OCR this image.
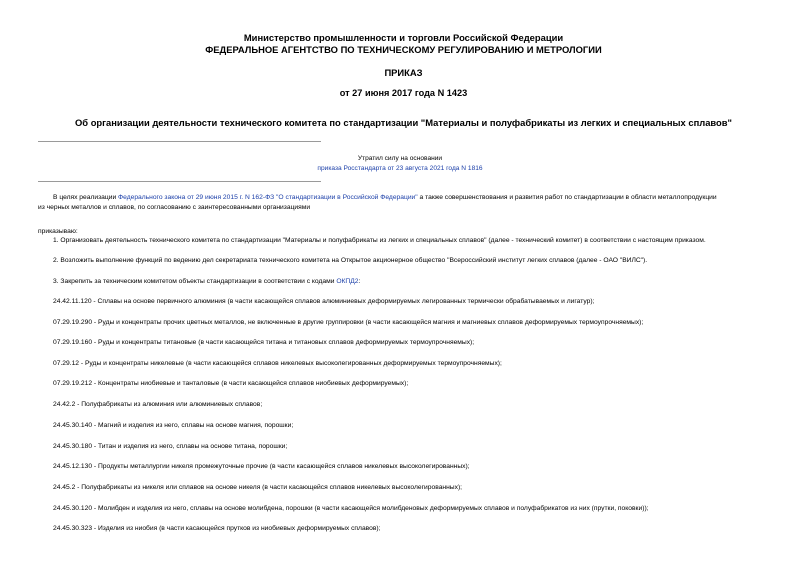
Министерство промышленности и торговли Российской Федерации
ФЕДЕРАЛЬНОЕ АГЕНТСТВО ПО ТЕХНИЧЕСКОМУ РЕГУЛИРОВАНИЮ И МЕТРОЛОГИИ
ПРИКАЗ
от 27 июня 2017 года N 1423
Об организации деятельности технического комитета по стандартизации "Материалы и полуфабрикаты из легких и специальных сплавов"
Утратил силу на основании
приказа Росстандарта от 23 августа 2021 года N 1816
В целях реализации Федерального закона от 29 июня 2015 г. N 162-ФЗ "О стандартизации в Российской Федерации" а также совершенствования и развития работ по стандартизации в области металлопродукции
из черных металлов и сплавов, по согласованию с заинтересованными организациями
приказываю:
1. Организовать деятельность технического комитета по стандартизации "Материалы и полуфабрикаты из легких и специальных сплавов" (далее - технический комитет) в соответствии с настоящим приказом.
2. Возложить выполнение функций по ведению дел секретариата технического комитета на Открытое акционерное общество "Всероссийский институт легких сплавов (далее - ОАО "ВИЛС").
3. Закрепить за техническим комитетом объекты стандартизации в соответствии с кодами ОКПД2:
24.42.11.120 - Сплавы на основе первичного алюминия (в части касающейся сплавов алюминиевых деформируемых легированных термически обрабатываемых и лигатур);
07.29.19.290 - Руды и концентраты прочих цветных металлов, не включенные в другие группировки (в части касающейся магния и магниевых сплавов деформируемых термоупрочняемых);
07.29.19.160 - Руды и концентраты титановые (в части касающейся титана и титановых сплавов деформируемых термоупрочняемых);
07.29.12 - Руды и концентраты никелевые (в части касающейся сплавов никелевых высоколегированных деформируемых термоупрочняемых);
07.29.19.212 - Концентраты ниобиевые и танталовые (в части касающейся сплавов ниобиевых деформируемых);
24.42.2 - Полуфабрикаты из алюминия или алюминиевых сплавов;
24.45.30.140 - Магний и изделия из него, сплавы на основе магния, порошки;
24.45.30.180 - Титан и изделия из него, сплавы на основе титана, порошки;
24.45.12.130 - Продукты металлургии никеля промежуточные прочие (в части касающейся сплавов никелевых высоколегированных);
24.45.2 - Полуфабрикаты из никеля или сплавов на основе никеля (в части касающейся сплавов никелевых высоколегированных);
24.45.30.120 - Молибден и изделия из него, сплавы на основе молибдена, порошки (в части касающейся молибденовых деформируемых сплавов и полуфабрикатов из них (прутки, поковки));
24.45.30.323 - Изделия из ниобия (в части касающейся прутков из ниобиевых деформируемых сплавов);
